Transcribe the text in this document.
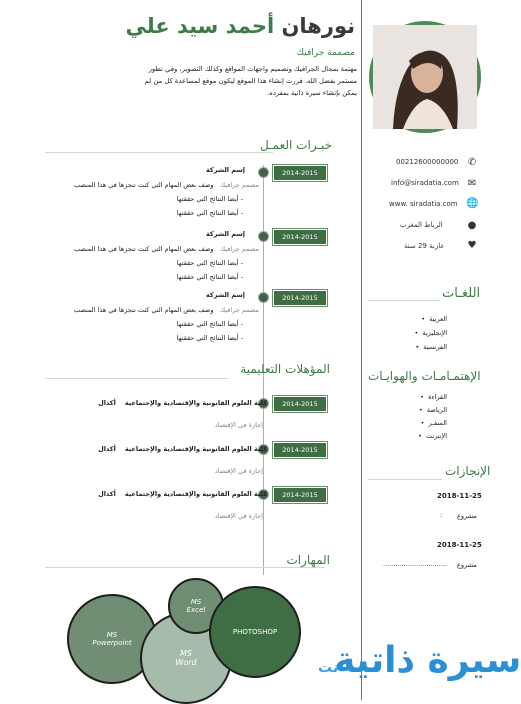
نورهان أحمد سيد علي
مصممة جرافيك
مهتمة بمجال الجرافيك وتصميم واجهات المواقع وكذلك التصوير، وفي تطور مستمر بفضل الله. قررت إنشاء هذا الموقع ليكون موقع لمساعدة كل من لم يمكن بإنشاء سيرة ذاتية بمفرده.
خبـرات العمـل
2014-2015
إسم الشركة
مصمم جرافيك   وصف بعض المهام التي كنت تنجزها في هذا المنصب
- أيضا النتائج التي حققتها
- أيضا النتائج التي حققتها
2014-2015
إسم الشركة
مصمم جرافيك   وصف بعض المهام التي كنت تنجزها في هذا المنصب
- أيضا النتائج التي حققتها
- أيضا النتائج التي حققتها
2014-2015
إسم الشركة
مصمم جرافيك   وصف بعض المهام التي كنت تنجزها في هذا المنصب
- أيضا النتائج التي حققتها
- أيضا النتائج التي حققتها
المؤهلات التعليمية
2014-2015
كلية العلوم القانونية والإقتصادية والإجتماعية    أكدال
إجازة في الإقتصاد
2014-2015
كلية العلوم القانونية والإقتصادية والإجتماعية    أكدال
إجازة في الإقتصاد
2014-2015
كلية العلوم القانونية والإقتصادية والإجتماعية    أكدال
إجازة في الإقتصاد
المهارات
MS
Powerpoint
MS
Word
MS
Excel
PHOTOSHOP
✆
00212600000000
✉
info@siradatia.com
🌐
www. siradatia.com
●
الرباط المغرب
♥
عازبة 29 سنة
اللغـات
العربية  •
الإنجليزية  •
الفرنسية  •
الإهتمـامـات والهوايـات
القراءة  •
الرياضة  •
السفـر  •
الإنترنت  •
الإنجازات
2018-11-25
مشروع
:
2018-11-25
مشروع
...............................
سيرة ذاتيةنت
